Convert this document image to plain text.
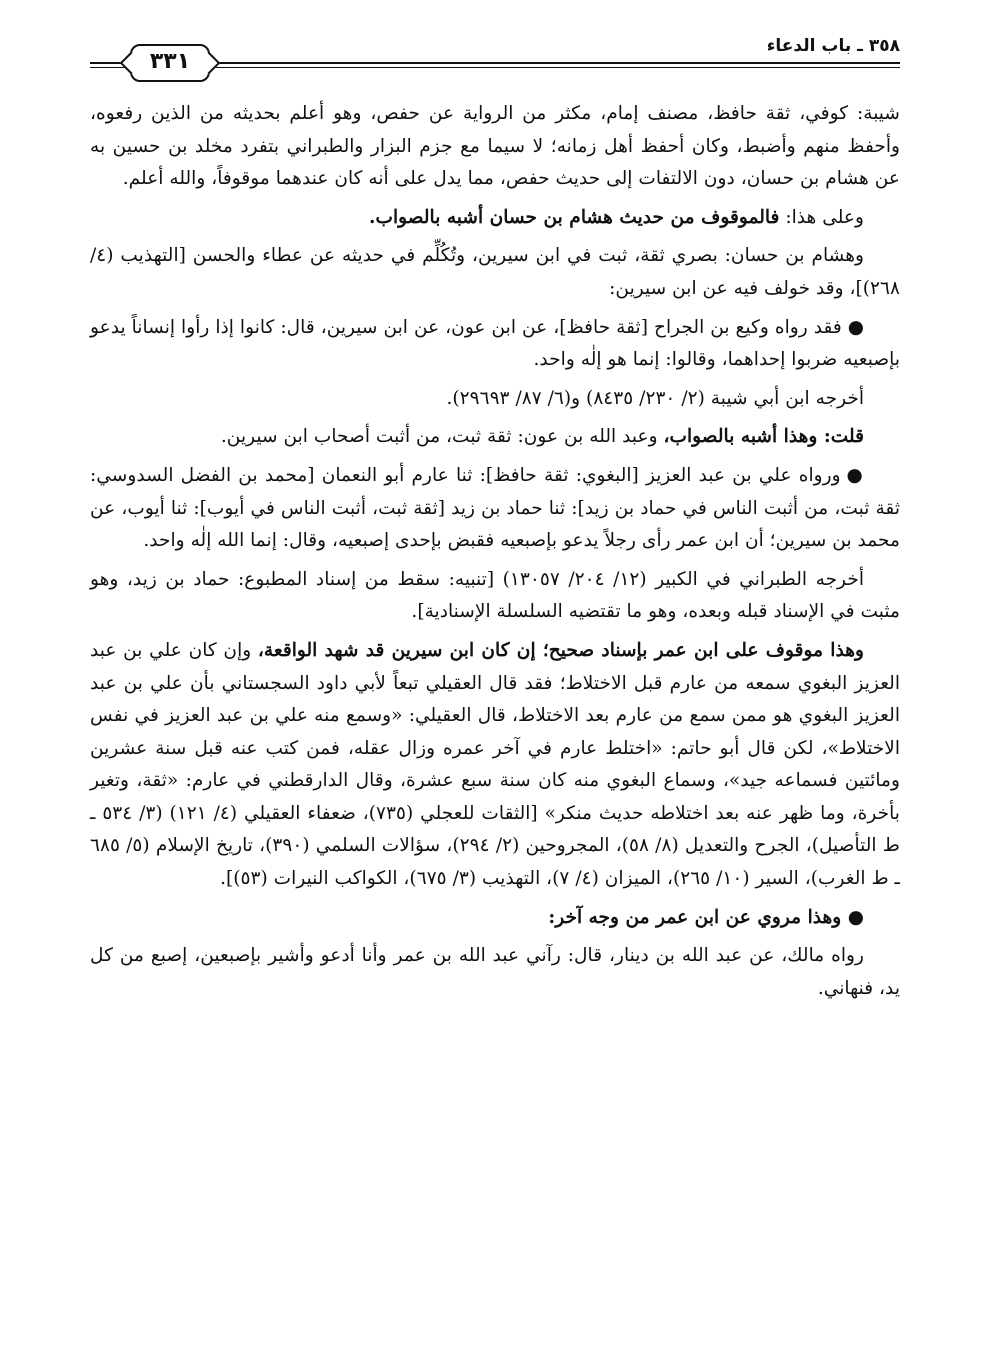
٣٥٨ ـ باب الدعاء
٣٣١

شيبة: كوفي، ثقة حافظ، مصنف إمام، مكثر من الرواية عن حفص، وهو أعلم بحديثه من الذين رفعوه، وأحفظ منهم وأضبط، وكان أحفظ أهل زمانه؛ لا سيما مع جزم البزار والطبراني بتفرد مخلد بن حسين به عن هشام بن حسان، دون الالتفات إلى حديث حفص، مما يدل على أنه كان عندهما موقوفاً، والله أعلم.

وعلى هذا: فالموقوف من حديث هشام بن حسان أشبه بالصواب.

وهشام بن حسان: بصري ثقة، ثبت في ابن سيرين، وتُكُلِّم في حديثه عن عطاء والحسن [التهذيب (٤/ ٢٦٨)]، وقد خولف فيه عن ابن سيرين:

● فقد رواه وكيع بن الجراح [ثقة حافظ]، عن ابن عون، عن ابن سيرين، قال: كانوا إذا رأوا إنساناً يدعو بإصبعيه ضربوا إحداهما، وقالوا: إنما هو إلٰه واحد.

أخرجه ابن أبي شيبة (٢/ ٢٣٠/ ٨٤٣٥) و(٦/ ٨٧/ ٢٩٦٩٣).

قلت: وهذا أشبه بالصواب، وعبد الله بن عون: ثقة ثبت، من أثبت أصحاب ابن سيرين.

● ورواه علي بن عبد العزيز [البغوي: ثقة حافظ]: ثنا عارم أبو النعمان [محمد بن الفضل السدوسي: ثقة ثبت، من أثبت الناس في حماد بن زيد]: ثنا حماد بن زيد [ثقة ثبت، أثبت الناس في أيوب]: ثنا أيوب، عن محمد بن سيرين؛ أن ابن عمر رأى رجلاً يدعو بإصبعيه فقبض بإحدى إصبعيه، وقال: إنما الله إلٰه واحد.

أخرجه الطبراني في الكبير (١٢/ ٢٠٤/ ١٣٠٥٧) [تنبيه: سقط من إسناد المطبوع: حماد بن زيد، وهو مثبت في الإسناد قبله وبعده، وهو ما تقتضيه السلسلة الإسنادية].

وهذا موقوف على ابن عمر بإسناد صحيح؛ إن كان ابن سيرين قد شهد الواقعة، وإن كان علي بن عبد العزيز البغوي سمعه من عارم قبل الاختلاط؛ فقد قال العقيلي تبعاً لأبي داود السجستاني بأن علي بن عبد العزيز البغوي هو ممن سمع من عارم بعد الاختلاط، قال العقيلي: «وسمع منه علي بن عبد العزيز في نفس الاختلاط»، لكن قال أبو حاتم: «اختلط عارم في آخر عمره وزال عقله، فمن كتب عنه قبل سنة عشرين ومائتين فسماعه جيد»، وسماع البغوي منه كان سنة سبع عشرة، وقال الدارقطني في عارم: «ثقة، وتغير بأخرة، وما ظهر عنه بعد اختلاطه حديث منكر» [الثقات للعجلي (٧٣٥)، ضعفاء العقيلي (٤/ ١٢١) (٣/ ٥٣٤ ـ ط التأصيل)، الجرح والتعديل (٨/ ٥٨)، المجروحين (٢/ ٢٩٤)، سؤالات السلمي (٣٩٠)، تاريخ الإسلام (٥/ ٦٨٥ ـ ط الغرب)، السير (١٠/ ٢٦٥)، الميزان (٤/ ٧)، التهذيب (٣/ ٦٧٥)، الكواكب النيرات (٥٣)].

● وهذا مروي عن ابن عمر من وجه آخر:

رواه مالك، عن عبد الله بن دينار، قال: رآني عبد الله بن عمر وأنا أدعو وأشير بإصبعين، إصبع من كل يد، فنهاني.
